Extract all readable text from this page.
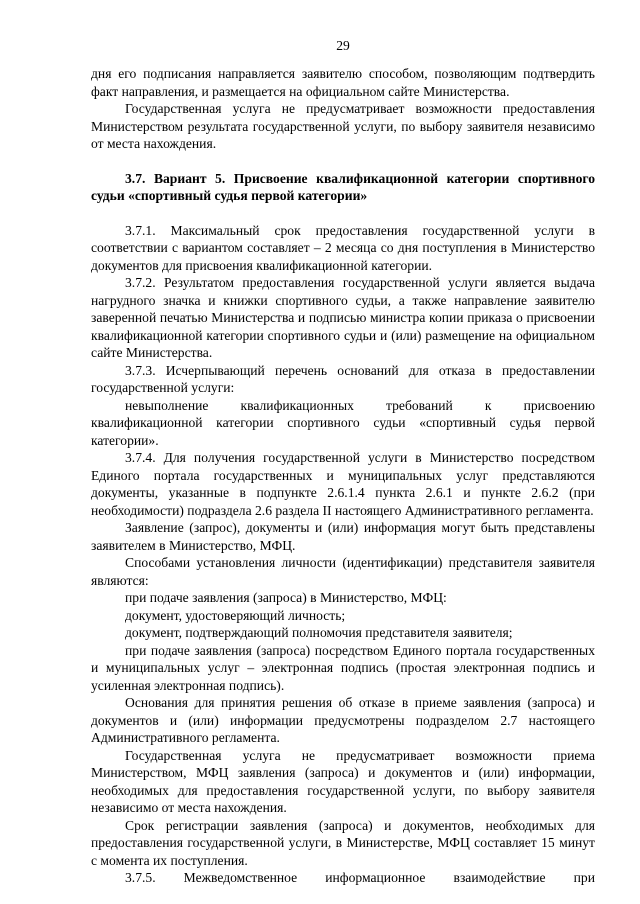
29

дня его подписания направляется заявителю способом, позволяющим подтвердить факт направления, и размещается на официальном сайте Министерства.

Государственная услуга не предусматривает возможности предоставления Министерством результата государственной услуги, по выбору заявителя независимо от места нахождения.

3.7. Вариант 5. Присвоение квалификационной категории спортивного судьи «спортивный судья первой категории»

3.7.1. Максимальный срок предоставления государственной услуги в соответствии с вариантом составляет – 2 месяца со дня поступления в Министерство документов для присвоения квалификационной категории.

3.7.2. Результатом предоставления государственной услуги является выдача нагрудного значка и книжки спортивного судьи, а также направление заявителю заверенной печатью Министерства и подписью министра копии приказа о присвоении квалификационной категории спортивного судьи и (или) размещение на официальном сайте Министерства.

3.7.3. Исчерпывающий перечень оснований для отказа в предоставлении государственной услуги:

невыполнение квалификационных требований к присвоению квалификационной категории спортивного судьи «спортивный судья первой категории».

3.7.4. Для получения государственной услуги в Министерство посредством Единого портала государственных и муниципальных услуг представляются документы, указанные в подпункте 2.6.1.4 пункта 2.6.1 и пункте 2.6.2 (при необходимости) подраздела 2.6 раздела II настоящего Административного регламента.

Заявление (запрос), документы и (или) информация могут быть представлены заявителем в Министерство, МФЦ.

Способами установления личности (идентификации) представителя заявителя являются:

при подаче заявления (запроса) в Министерство, МФЦ:

документ, удостоверяющий личность;

документ, подтверждающий полномочия представителя заявителя;

при подаче заявления (запроса) посредством Единого портала государственных и муниципальных услуг – электронная подпись (простая электронная подпись и усиленная электронная подпись).

Основания для принятия решения об отказе в приеме заявления (запроса) и документов и (или) информации предусмотрены подразделом 2.7 настоящего Административного регламента.

Государственная услуга не предусматривает возможности приема Министерством, МФЦ заявления (запроса) и документов и (или) информации, необходимых для предоставления государственной услуги, по выбору заявителя независимо от места нахождения.

Срок регистрации заявления (запроса) и документов, необходимых для предоставления государственной услуги, в Министерстве, МФЦ составляет 15 минут с момента их поступления.

3.7.5. Межведомственное информационное взаимодействие при
